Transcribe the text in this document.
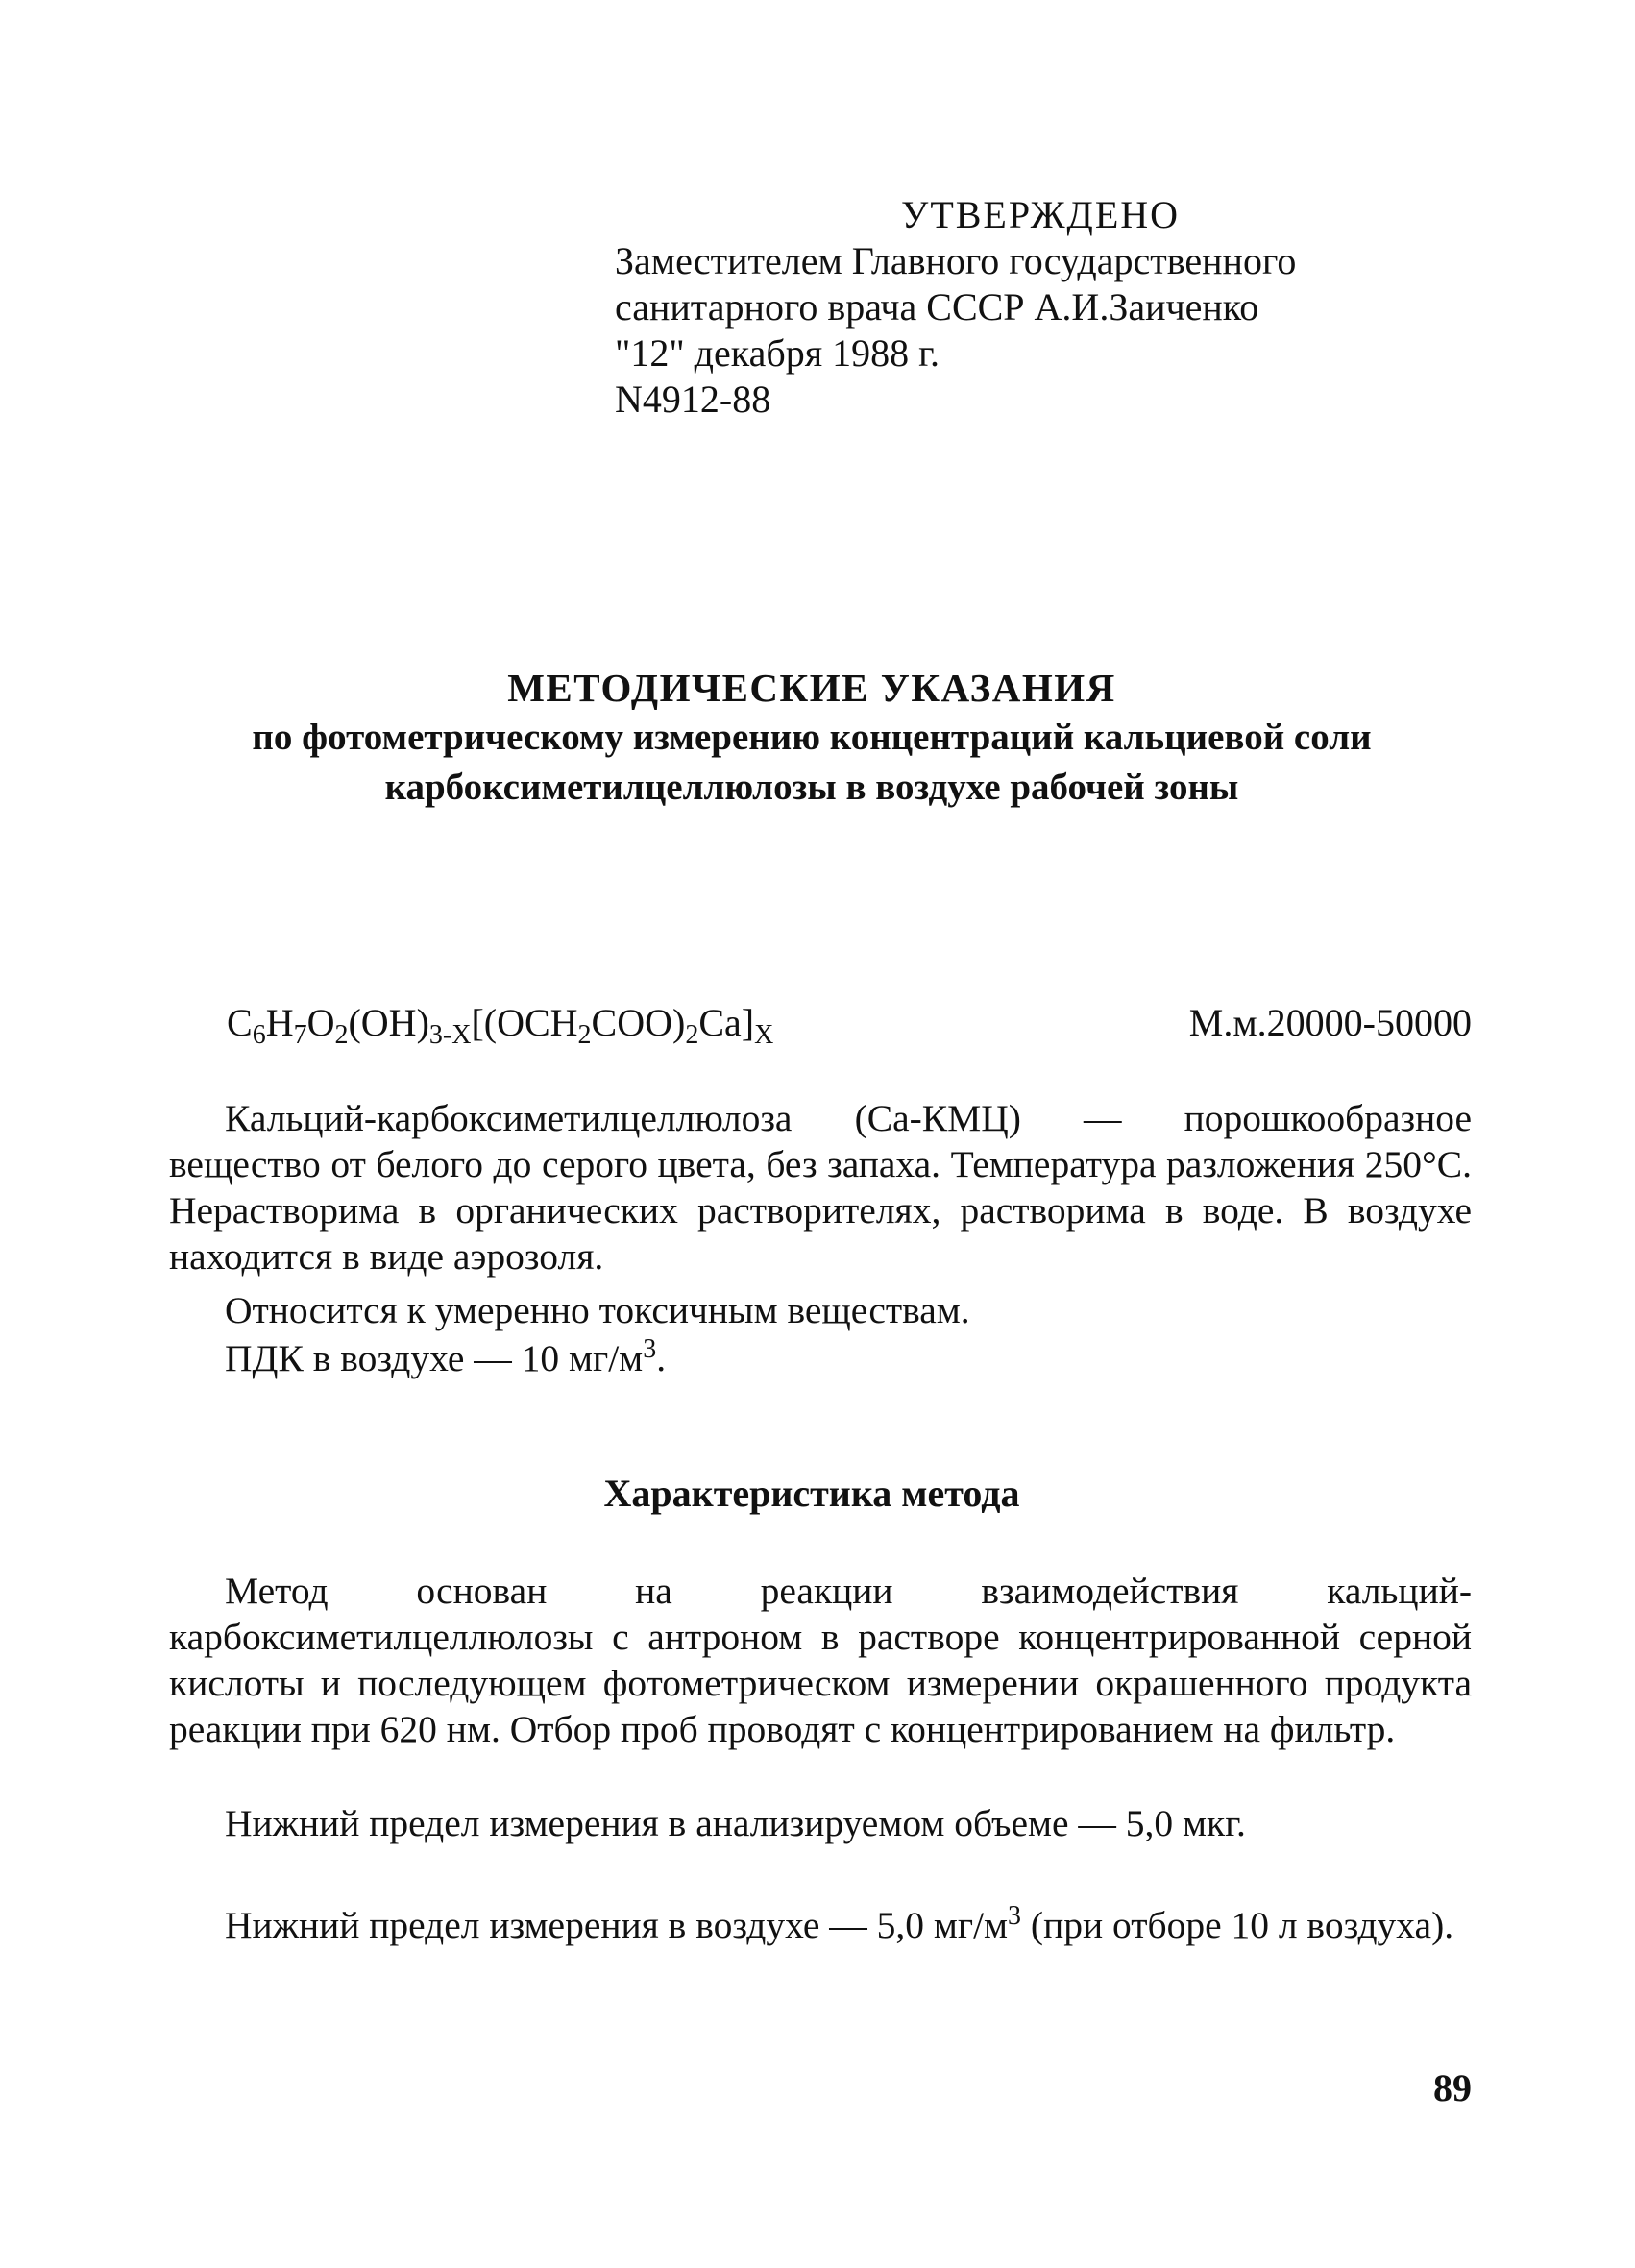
УТВЕРЖДЕНО
Заместителем Главного государственного
санитарного врача СССР А.И.Заиченко
"12" декабря 1988 г.
N4912-88
МЕТОДИЧЕСКИЕ УКАЗАНИЯ
по фотометрическому измерению концентраций кальциевой соли
карбоксиметилцеллюлозы в воздухе рабочей зоны
$C_6H_7O_2(OH)_{3-X}[(OCH_2COO)_2Ca]_X$	М.м.20000-50000

Кальций-карбоксиметилцеллюлоза (Са-КМЦ) — порошкообразное вещество от белого до серого цвета, без запаха. Температура разложения 250°С. Нерастворима в органических растворителях, растворима в воде. В воздухе находится в виде аэрозоля.

Относится к умеренно токсичным веществам.

ПДК в воздухе — 10 $мг/м^3$.

Характеристика метода

Метод основан на реакции взаимодействия кальций-карбоксиметилцеллюлозы с антроном в растворе концентрированной серной кислоты и последующем фотометрическом измерении окрашенного продукта реакции при 620 нм. Отбор проб проводят с концентрированием на фильтр.

Нижний предел измерения в анализируемом объеме — 5,0 мкг.

Нижний предел измерения в воздухе — 5,0 $мг/м^3$ (при отборе 10 л воздуха).

89
